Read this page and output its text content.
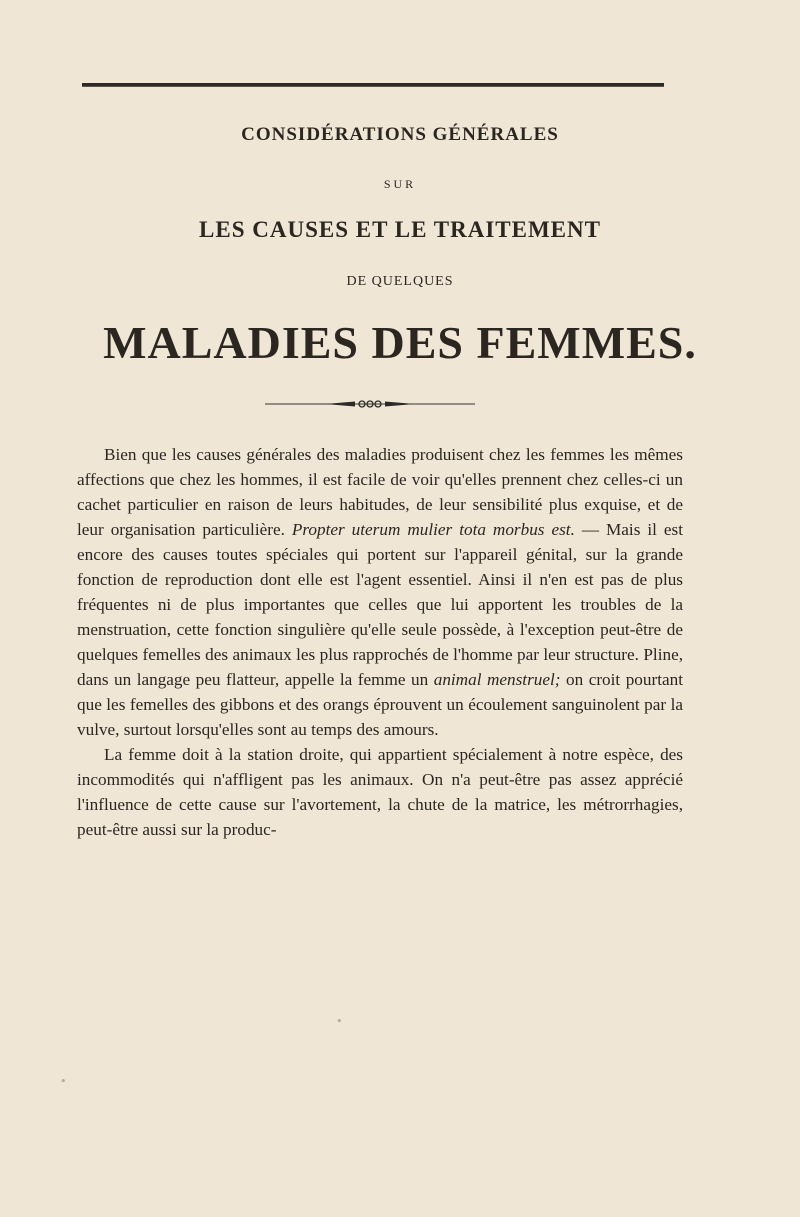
CONSIDÉRATIONS GÉNÉRALES
SUR
LES CAUSES ET LE TRAITEMENT
DE QUELQUES
MALADIES DES FEMMES.

Bien que les causes générales des maladies produisent chez les femmes les mêmes affections que chez les hommes, il est facile de voir qu'elles prennent chez celles-ci un cachet particulier en raison de leurs habitudes, de leur sensibilité plus exquise, et de leur organisation particulière. Propter uterum mulier tota morbus est. — Mais il est encore des causes toutes spéciales qui portent sur l'appareil génital, sur la grande fonction de reproduction dont elle est l'agent essentiel. Ainsi il n'en est pas de plus fréquentes ni de plus importantes que celles que lui apportent les troubles de la menstruation, cette fonction singulière qu'elle seule possède, à l'exception peut-être de quelques femelles des animaux les plus rapprochés de l'homme par leur structure. Pline, dans un langage peu flatteur, appelle la femme un animal menstruel; on croit pourtant que les femelles des gibbons et des orangs éprouvent un écoulement sanguinolent par la vulve, surtout lorsqu'elles sont au temps des amours.

La femme doit à la station droite, qui appartient spécialement à notre espèce, des incommodités qui n'affligent pas les animaux. On n'a peut-être pas assez apprécié l'influence de cette cause sur l'avortement, la chute de la matrice, les métrorrhagies, peut-être aussi sur la produc-

•
•
